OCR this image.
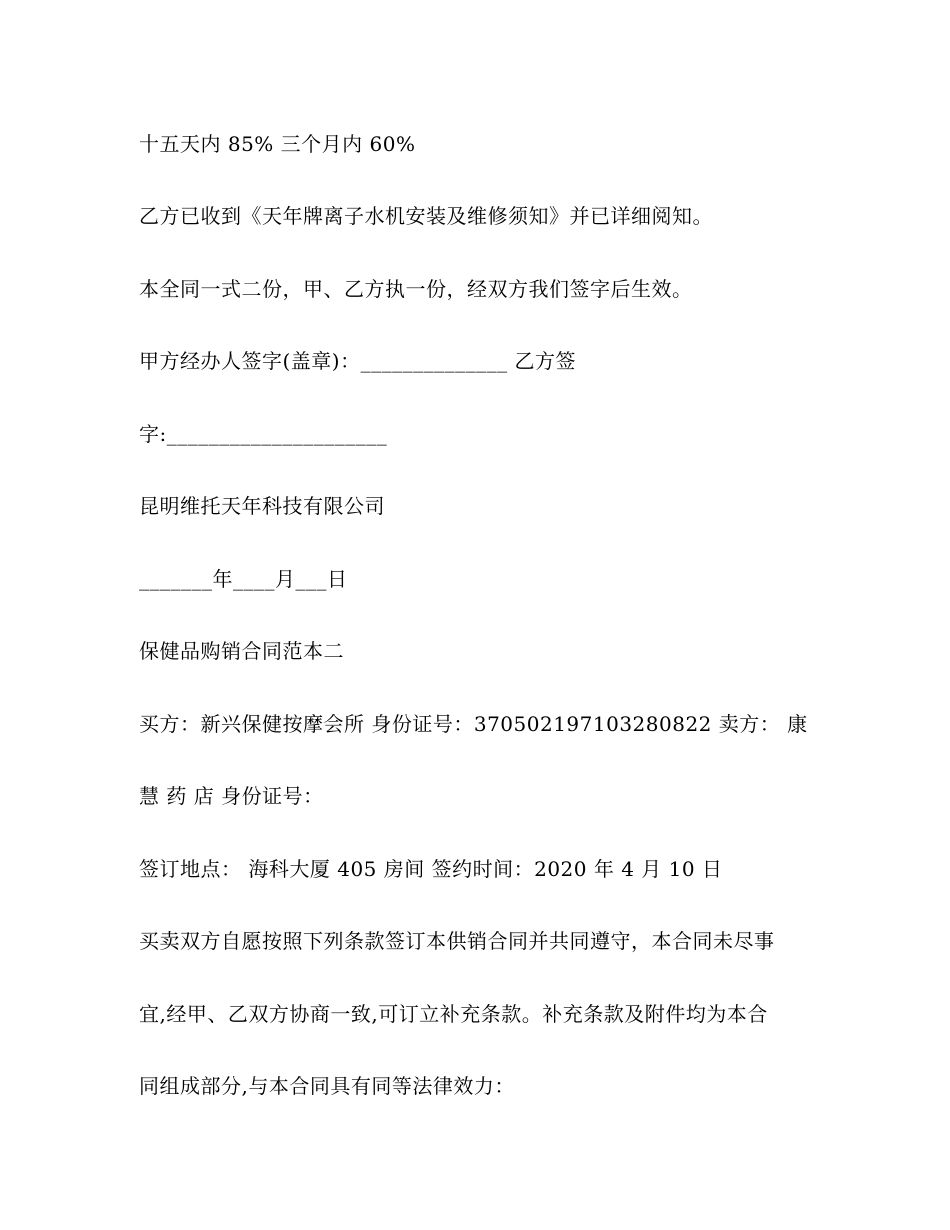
十五天内 85% 三个月内 60%
乙方已收到《天年牌离子水机安装及维修须知》并已详细阅知。
本全同一式二份，甲、乙方执一份，经双方我们签字后生效。
甲方经办人签字(盖章)：______________ 乙方签
字:_____________________
昆明维托天年科技有限公司
_______年____月___日
保健品购销合同范本二
买方：新兴保健按摩会所 身份证号：370502197103280822 卖方： 康
慧 药 店 身份证号：
签订地点： 海科大厦 405 房间 签约时间：2020 年 4 月 10 日
买卖双方自愿按照下列条款签订本供销合同并共同遵守，本合同未尽事
宜,经甲、乙双方协商一致,可订立补充条款。补充条款及附件均为本合
同组成部分,与本合同具有同等法律效力：
